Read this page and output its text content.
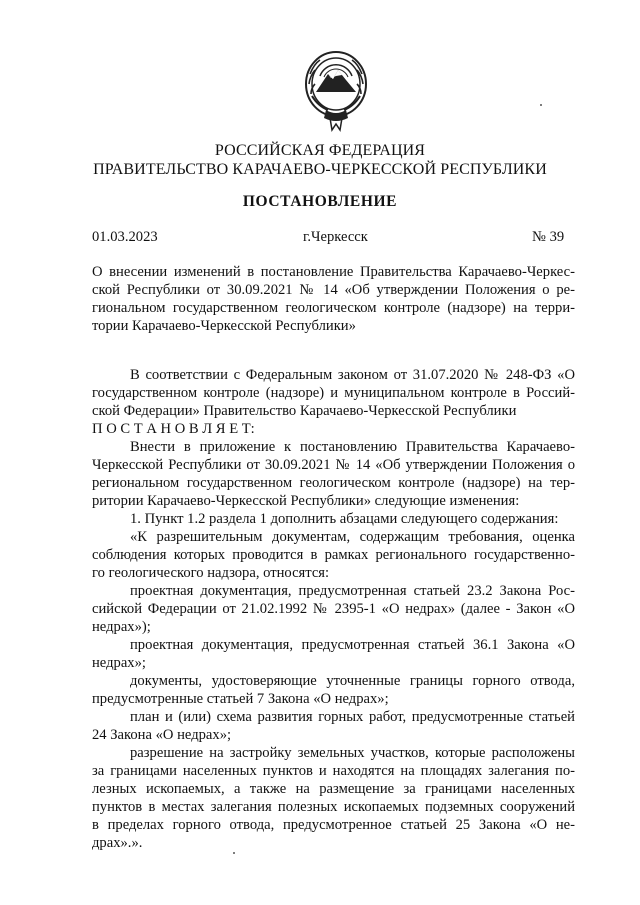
РОССИЙСКАЯ ФЕДЕРАЦИЯ
ПРАВИТЕЛЬСТВО КАРАЧАЕВО-ЧЕРКЕССКОЙ РЕСПУБЛИКИ
ПОСТАНОВЛЕНИЕ
01.03.2023	г.Черкесск	№ 39
О внесении изменений в постановление Правительства Карачаево-Черкес-
ской Республики от 30.09.2021 № 14 «Об утверждении Положения о ре-
гиональном государственном геологическом контроле (надзоре) на терри-
тории Карачаево-Черкесской Республики»
В соответствии с Федеральным законом от 31.07.2020 № 248-ФЗ «О
государственном контроле (надзоре) и муниципальном контроле в Россий-
ской Федерации» Правительство Карачаево-Черкесской Республики
П О С Т А Н О В Л Я Е Т:
Внести в приложение к постановлению Правительства Карачаево-
Черкесской Республики от 30.09.2021 № 14 «Об утверждении Положения о
региональном государственном геологическом контроле (надзоре) на тер-
ритории Карачаево-Черкесской Республики» следующие изменения:
1. Пункт 1.2 раздела 1 дополнить абзацами следующего содержания:
«К разрешительным документам, содержащим требования, оценка
соблюдения которых проводится в рамках регионального государственно-
го геологического надзора, относятся:
проектная документация, предусмотренная статьей 23.2 Закона Рос-
сийской Федерации от 21.02.1992 № 2395-1 «О недрах» (далее - Закон «О
недрах»);
проектная документация, предусмотренная статьей 36.1 Закона «О
недрах»;
документы, удостоверяющие уточненные границы горного отвода,
предусмотренные статьей 7 Закона «О недрах»;
план и (или) схема развития горных работ, предусмотренные статьей
24 Закона «О недрах»;
разрешение на застройку земельных участков, которые расположены
за границами населенных пунктов и находятся на площадях залегания по-
лезных ископаемых, а также на размещение за границами населенных
пунктов в местах залегания полезных ископаемых подземных сооружений
в пределах горного отвода, предусмотренное статьей 25 Закона «О не-
драх».».
